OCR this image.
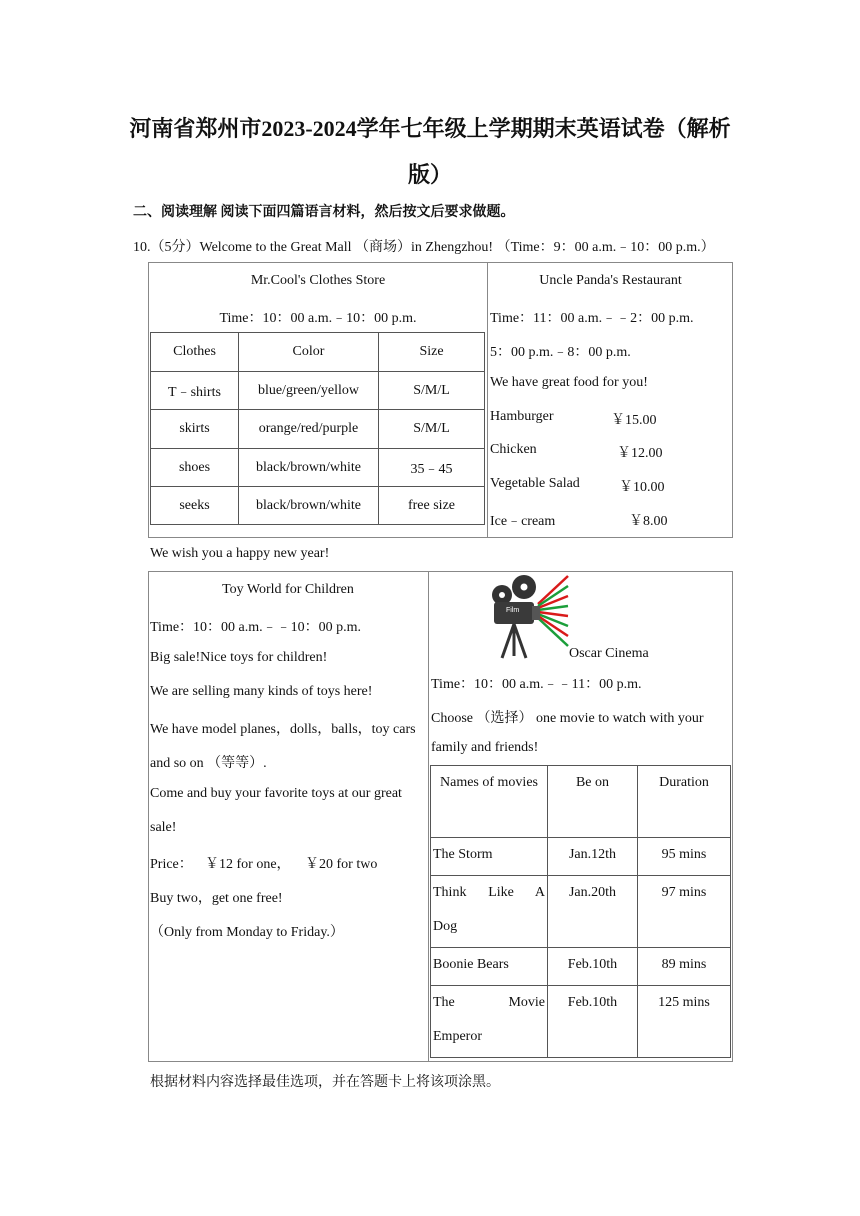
河南省郑州市2023-2024学年七年级上学期期末英语试卷（解析
版）
二、阅读理解 阅读下面四篇语言材料，然后按文后要求做题。
10.（5分）Welcome to the Great Mall （商场）in Zhengzhou! （Time：9：00 a.m.﹣10：00 p.m.）
Mr.Cool's Clothes Store
Time：10：00 a.m.﹣10：00 p.m.
Clothes	Color	Size
T﹣shirts	blue/green/yellow	S/M/L
skirts	orange/red/purple	S/M/L
shoes	black/brown/white	35﹣45
seeks	black/brown/white	free size
Uncle Panda's Restaurant
Time：11：00 a.m.﹣﹣2：00 p.m.
5：00 p.m.﹣8：00 p.m.
We have great food for you!
Hamburger	￥15.00
Chicken	￥12.00
Vegetable Salad	￥10.00
Ice﹣cream	￥8.00
We wish you a happy new year!
Toy World for Children
Time：10：00 a.m.﹣﹣10：00 p.m.
Big sale!Nice toys for children!
We are selling many kinds of toys here!
We have model planes，dolls，balls，toy cars
and so on （等等）.
Come and buy your favorite toys at our great
sale!
Price： ￥12 for one， ￥20 for two
Buy two，get one free!
（Only from Monday to Friday.）
Film
Oscar Cinema
Time：10：00 a.m.﹣﹣11：00 p.m.
Choose （选择） one movie to watch with your
family and friends!
Names of movies	Be on	Duration
The Storm	Jan.12th	95 mins
Think Like A Dog	Jan.20th	97 mins
Boonie Bears	Feb.10th	89 mins
The Movie Emperor	Feb.10th	125 mins
根据材料内容选择最佳选项，并在答题卡上将该项涂黑。
